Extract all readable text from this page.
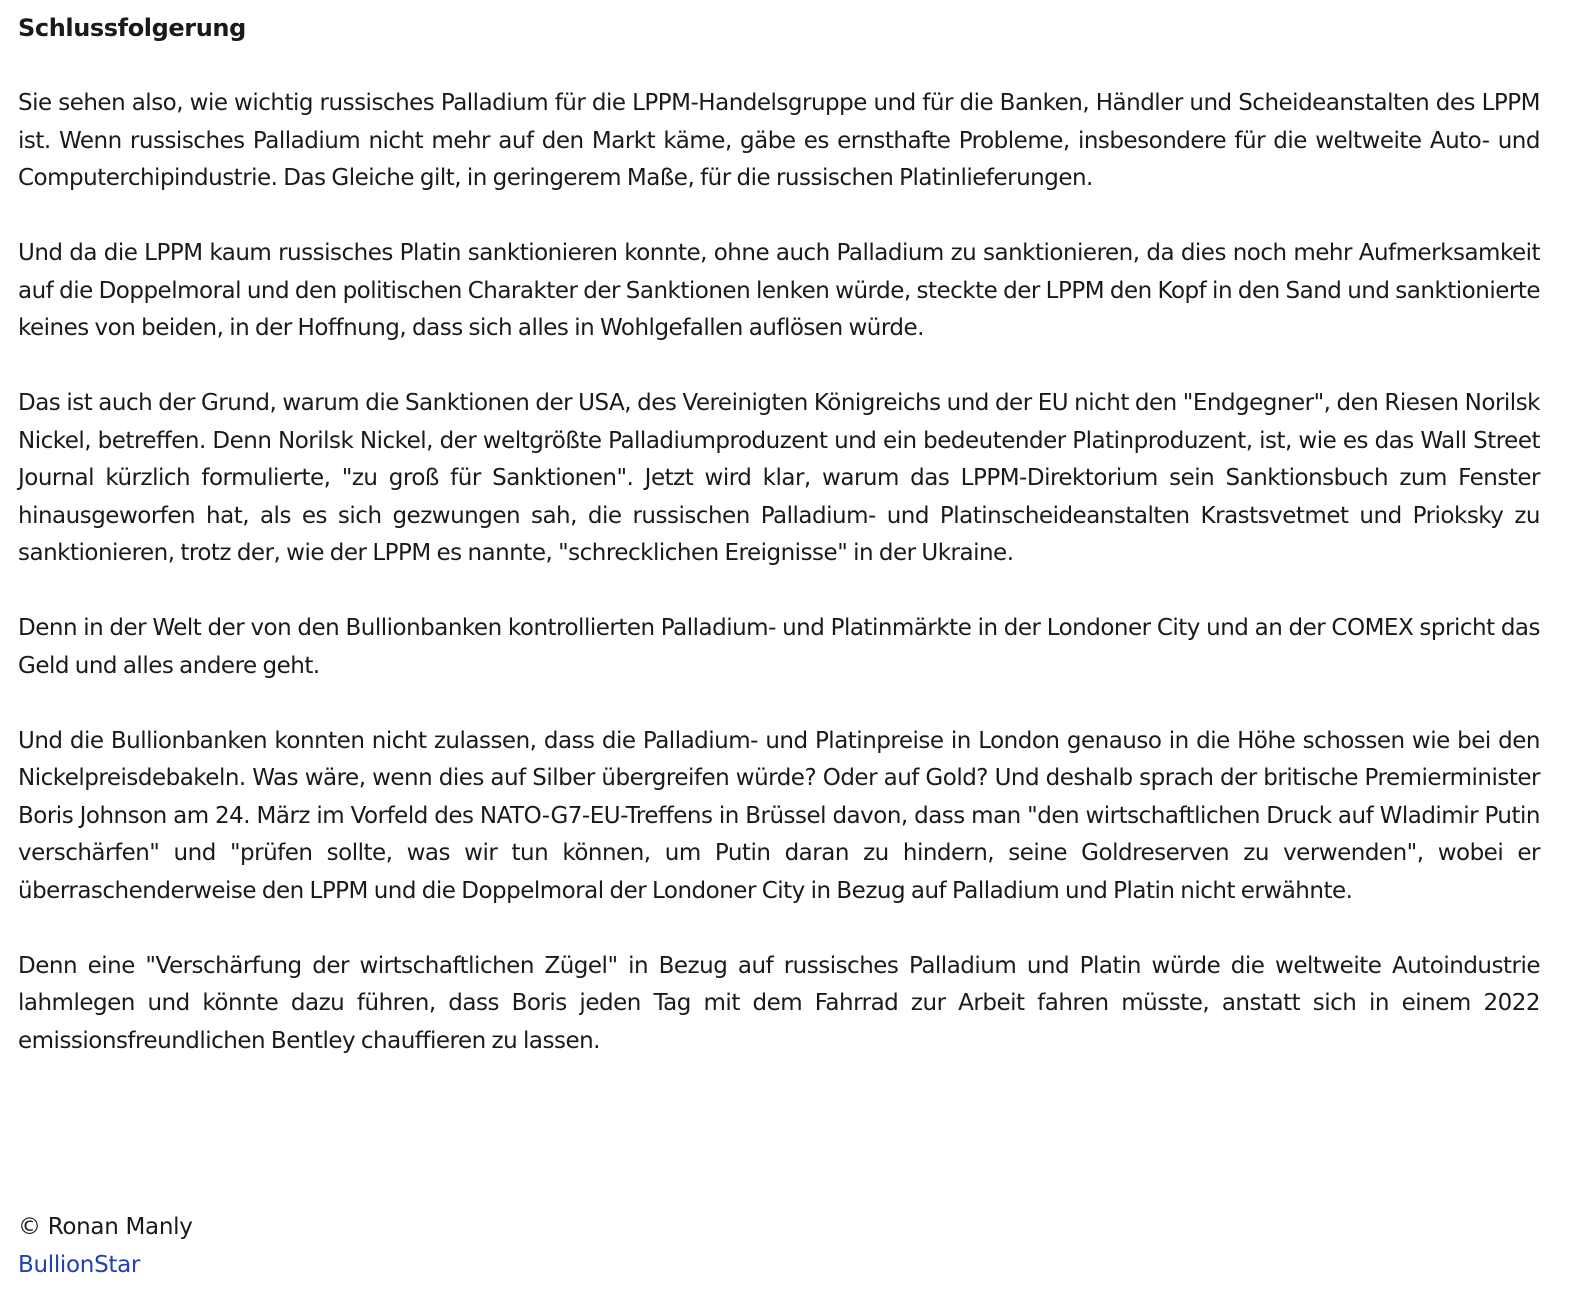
Schlussfolgerung

Sie sehen also, wie wichtig russisches Palladium für die LPPM-Handelsgruppe und für die Banken, Händler und Scheideanstalten des LPPM ist. Wenn russisches Palladium nicht mehr auf den Markt käme, gäbe es ernsthafte Probleme, insbesondere für die weltweite Auto- und Computerchipindustrie. Das Gleiche gilt, in geringerem Maße, für die russischen Platinlieferungen.

Und da die LPPM kaum russisches Platin sanktionieren konnte, ohne auch Palladium zu sanktionieren, da dies noch mehr Aufmerksamkeit auf die Doppelmoral und den politischen Charakter der Sanktionen lenken würde, steckte der LPPM den Kopf in den Sand und sanktionierte keines von beiden, in der Hoffnung, dass sich alles in Wohlgefallen auflösen würde.

Das ist auch der Grund, warum die Sanktionen der USA, des Vereinigten Königreichs und der EU nicht den "Endgegner", den Riesen Norilsk Nickel, betreffen. Denn Norilsk Nickel, der weltgrößte Palladiumproduzent und ein bedeutender Platinproduzent, ist, wie es das Wall Street Journal kürzlich formulierte, "zu groß für Sanktionen". Jetzt wird klar, warum das LPPM-Direktorium sein Sanktionsbuch zum Fenster hinausgeworfen hat, als es sich gezwungen sah, die russischen Palladium- und Platinscheideanstalten Krastsvetmet und Prioksky zu sanktionieren, trotz der, wie der LPPM es nannte, "schrecklichen Ereignisse" in der Ukraine.

Denn in der Welt der von den Bullionbanken kontrollierten Palladium- und Platinmärkte in der Londoner City und an der COMEX spricht das Geld und alles andere geht.

Und die Bullionbanken konnten nicht zulassen, dass die Palladium- und Platinpreise in London genauso in die Höhe schossen wie bei den Nickelpreisdebakeln. Was wäre, wenn dies auf Silber übergreifen würde? Oder auf Gold? Und deshalb sprach der britische Premierminister Boris Johnson am 24. März im Vorfeld des NATO-G7-EU-Treffens in Brüssel davon, dass man "den wirtschaftlichen Druck auf Wladimir Putin verschärfen" und "prüfen sollte, was wir tun können, um Putin daran zu hindern, seine Goldreserven zu verwenden", wobei er überraschenderweise den LPPM und die Doppelmoral der Londoner City in Bezug auf Palladium und Platin nicht erwähnte.

Denn eine "Verschärfung der wirtschaftlichen Zügel" in Bezug auf russisches Palladium und Platin würde die weltweite Autoindustrie lahmlegen und könnte dazu führen, dass Boris jeden Tag mit dem Fahrrad zur Arbeit fahren müsste, anstatt sich in einem 2022 emissionsfreundlichen Bentley chauffieren zu lassen.

© Ronan Manly
BullionStar
